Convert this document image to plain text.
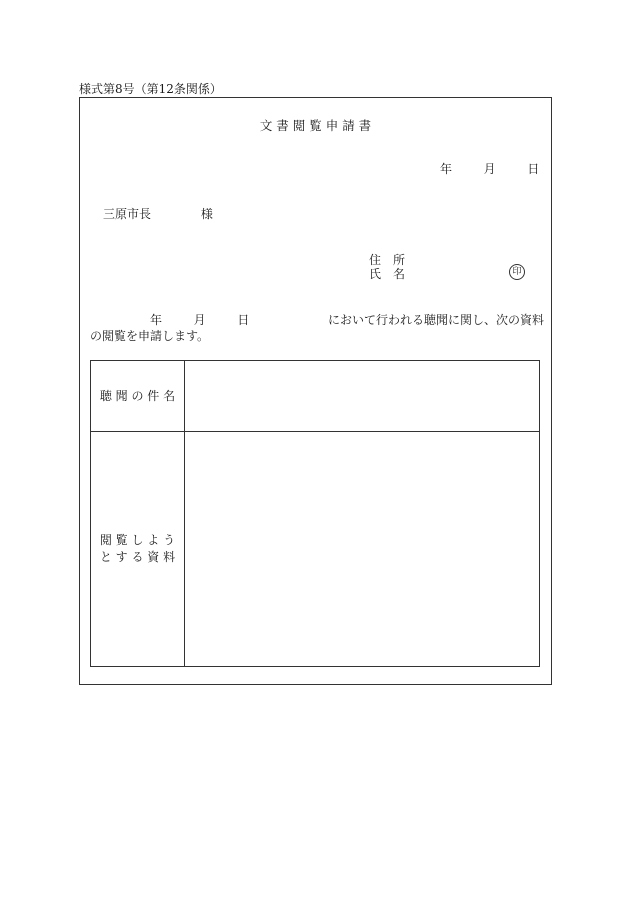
様式第8号（第12条関係）
文 書 閲 覧 申 請 書
年	月	日
三原市長	様
住　所
氏　名	印
年	月	日	において行われる聴聞に関し、次の資料
の閲覧を申請します。
聴 聞 の 件 名
閲 覧 し よ う
と す る 資 料
